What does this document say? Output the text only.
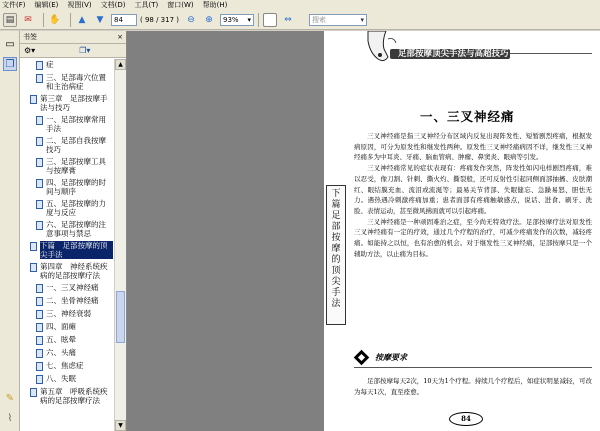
文件(F) 编辑(E) 视图(V) 文档(D) 工具(T) 窗口(W) 帮助(H)
▤	✉	✋	▲	▼	84	( 98 / 317 ) ⊖	⊕	93% ▾	⇔	搜索 ▾
▭
❐
✎
⌇
书签	×
⚙▾	❐▾
症
三、足部毒穴位置和主治病症
第三章　足部按摩手法与技巧
一、足部按摩常用手法
二、足部自我按摩技巧
三、足部按摩工具与按摩膏
四、足部按摩的时间与顺序
五、足部按摩的力度与反应
六、足部按摩的注意事项与禁忌
下篇　足部按摩的顶尖手法
第四章　神经系统疾病的足部按摩疗法
一、三叉神经痛
二、坐骨神经痛
三、神经衰弱
四、面瘫
五、眩晕
六、头痛
七、焦虑症
八、失眠
第五章　呼吸系统疾病的足部按摩疗法
▲
▼
足部按摩顶尖手法与高超技巧
一、三叉神经痛
下篇　足部按摩的顶尖手法

三叉神经痛是指三叉神经分布区域内反复出现阵发性、短暂剧烈疼痛，根据发病原因，可分为原发性和继发性两种。原发性三叉神经痛病因不详，继发性三叉神经痛多为中耳炎、牙痛、脑血管病、肿瘤、鼻窦炎、眼病等引发。

三叉神经痛常见的症状表现有：疼痛发作突然，阵发性如闪电样剧烈疼痛，难以忍受，像刀割、针刺、撕火灼、撕裂般，还可反射性引起同侧面部抽搐、皮肤潮红、眼结膜充血、流泪或流涎等；最易关节背部、失眠健忘、急躁易怒、胆怯无力。遇热遇冷刺激疼痛加重；患者面部有疼痛触敏感点，说话、进食、刷牙、洗脸、表情运动，甚至微风拂面就可以引起疼痛。

三叉神经痛是一种顽固难治之症，至今尚无特效疗法。足部按摩疗法对原发性三叉神经痛有一定的疗效，通过几个疗程的治疗，可减少疼痛发作的次数，减轻疼痛。如能持之以恒，也有治愈的机会。对于继发性三叉神经痛，足部按摩只是一个辅助方法，以止痛为目标。

按摩要求

足部按摩每天2次，10天为1个疗程。持续几个疗程后，如症状明显减轻，可改为每天1次，直至痊愈。

84
